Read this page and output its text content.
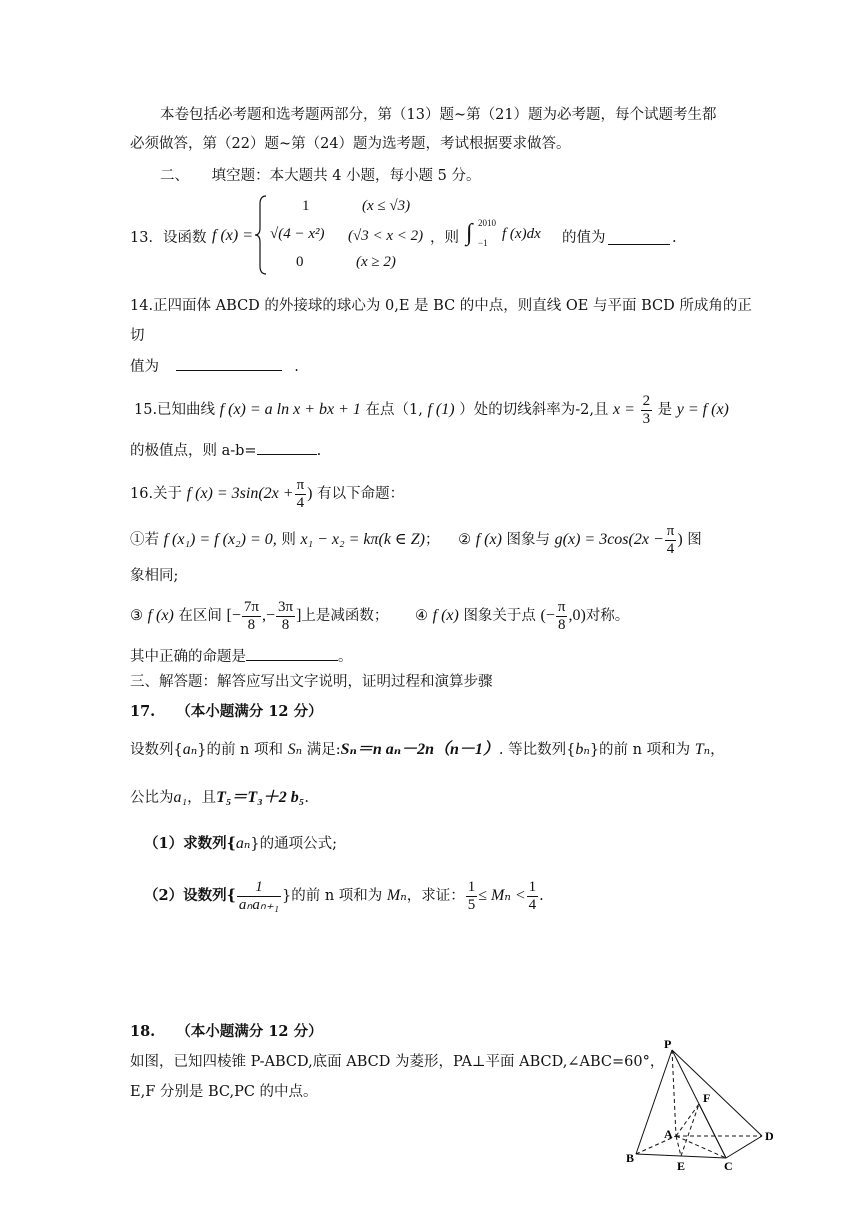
本卷包括必考题和选考题两部分，第（13）题~第（21）题为必考题，每个试题考生都
必须做答，第（22）题~第（24）题为选考题，考试根据要求做答。
二、 填空题：本大题共 4 小题，每小题 5 分。
13．设函数 f (x) =
1	(x ≤ √3)
√(4 − x²) (√3 < x < 2)
0	(x ≥ 2)
，则 ∫ 2010
−1
f (x)dx 的值为	.
14.正四面体 ABCD 的外接球的球心为 0,E 是 BC 的中点，则直线 OE 与平面 BCD 所成角的正
切
值为	.
15.已知曲线 f (x) = a ln x + bx + 1 在点（1, f (1) ）处的切线斜率为-2,且 $x = \frac{2}{3}$ 是 y = f (x)
的极值点，则 a-b=	.
16.关于 f $(x) = 3\sin(2x + \frac{\pi}{4}$ ) 有以下命题：
①若 f (x₁) = f (x₂) = 0, 则 x₁ − x₂ = kπ(k ∈ Z)； ② f (x) 图象与 $g(x) = 3\cos(2x - \frac{\pi}{4}$ ) 图
象相同;
③ f (x) 在区间 [− $\frac{7\pi}{8}$ ,− $\frac{3\pi}{8}$ ]上是减函数； ④ f (x) 图象关于点 (− $\frac{\pi}{8} ,0$)对称。
其中正确的命题是	。
三、解答题：解答应写出文字说明，证明过程和演算步骤
17. （本小题满分 12 分）
设数列{aₙ}的前 n 项和 Sₙ 满足:Sₙ＝n aₙ－2n（n－1）. 等比数列{bₙ}的前 n 项和为 Tₙ，
公比为a₁，且T₅＝T₃＋2 b₅.
（1）求数列{aₙ}的通项公式;
（2）设数列{ $\frac{1}{\text{aₙaₙ₊₁}}$ }的前 n 项和为 Mₙ，求证： $\frac{1}{5} \le M_n < \frac{1}{4}$ .
18. （本小题满分 12 分）
如图，已知四棱锥 P-ABCD,底面 ABCD 为菱形，PA⊥平面 ABCD,∠ABC=60°，
E,F 分别是 BC,PC 的中点。
P
F
A	D
B
E	C
